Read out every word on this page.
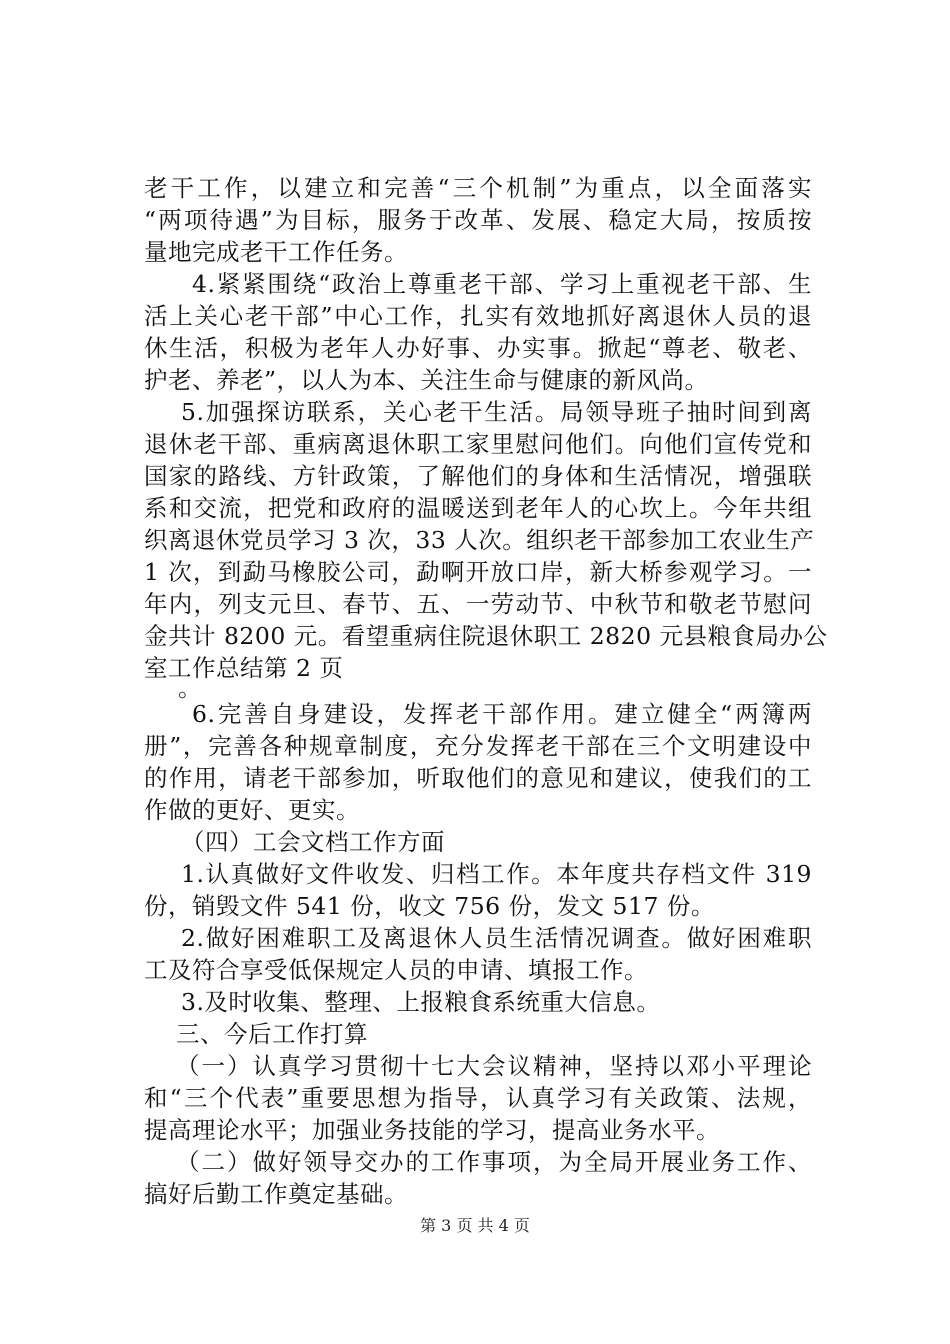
老干工作，以建立和完善“三个机制”为重点，以全面落实
“两项待遇”为目标，服务于改革、发展、稳定大局，按质按
量地完成老干工作任务。
4.紧紧围绕“政治上尊重老干部、学习上重视老干部、生
活上关心老干部”中心工作，扎实有效地抓好离退休人员的退
休生活，积极为老年人办好事、办实事。掀起“尊老、敬老、
护老、养老”，以人为本、关注生命与健康的新风尚。
5.加强探访联系，关心老干生活。局领导班子抽时间到离
退休老干部、重病离退休职工家里慰问他们。向他们宣传党和
国家的路线、方针政策，了解他们的身体和生活情况，增强联
系和交流，把党和政府的温暖送到老年人的心坎上。今年共组
织离退休党员学习 3 次，33 人次。组织老干部参加工农业生产
1 次，到勐马橡胶公司，勐啊开放口岸，新大桥参观学习。一
年内，列支元旦、春节、五、一劳动节、中秋节和敬老节慰问
金共计 8200 元。看望重病住院退休职工 2820 元县粮食局办公
室工作总结第 2 页
。
6.完善自身建设，发挥老干部作用。建立健全“两簿两
册”，完善各种规章制度，充分发挥老干部在三个文明建设中
的作用，请老干部参加，听取他们的意见和建议，使我们的工
作做的更好、更实。
（四）工会文档工作方面
1.认真做好文件收发、归档工作。本年度共存档文件 319
份，销毁文件 541 份，收文 756 份，发文 517 份。
2.做好困难职工及离退休人员生活情况调查。做好困难职
工及符合享受低保规定人员的申请、填报工作。
3.及时收集、整理、上报粮食系统重大信息。
三、今后工作打算
（一）认真学习贯彻十七大会议精神，坚持以邓小平理论
和“三个代表”重要思想为指导，认真学习有关政策、法规，
提高理论水平；加强业务技能的学习，提高业务水平。
（二）做好领导交办的工作事项，为全局开展业务工作、
搞好后勤工作奠定基础。
第 3 页 共 4 页
